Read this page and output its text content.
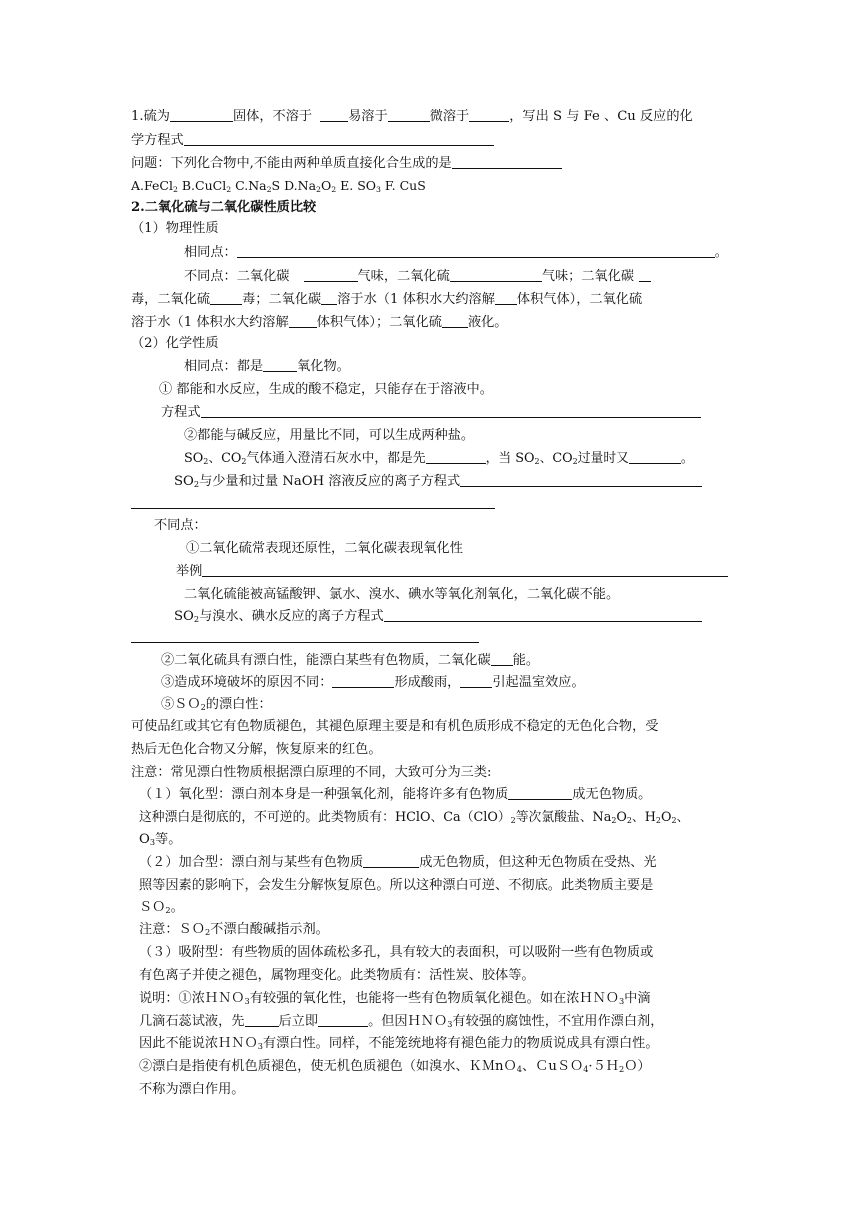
1.硫为	固体，不溶于	易溶于	微溶于	，写出 S 与 Fe 、Cu 反应的化
学方程式
问题：下列化合物中,不能由两种单质直接化合生成的是
A.FeCl$_2$ B.CuCl$_2$ $C.Na_2S$ $D.Na_2O_2$ E. $SO_3$ F. CuS
2.二氧化硫与二氧化碳性质比较
（1）物理性质
相同点：	。
不同点：二氧化碳	气味，二氧化硫	气味；二氧化碳
毒，二氧化硫 毒；二氧化碳 溶于水（1 体积水大约溶解 体积气体），二氧化硫
溶于水（1 体积水大约溶解 体积气体）；二氧化硫 液化。
（2）化学性质
相同点：都是	氧化物。
① 都能和水反应，生成的酸不稳定，只能存在于溶液中。
方程式
②都能与碱反应，用量比不同，可以生成两种盐。
$SO_2$、$CO_2$气体通入澄清石灰水中，都是先	，当 $SO_2$、$CO_2$过量时又	。
$SO_2$与少量和过量 NaOH 溶液反应的离子方程式
不同点：
①二氧化硫常表现还原性，二氧化碳表现氧化性
举例
二氧化硫能被高锰酸钾、氯水、溴水、碘水等氧化剂氧化，二氧化碳不能。
$SO_2$与溴水、碘水反应的离子方程式
②二氧化硫具有漂白性，能漂白某些有色物质，二氧化碳 能。
③造成环境破坏的原因不同：	形成酸雨， 引起温室效应。
⑤ＳＯ$_2$的漂白性：
可使品红或其它有色物质褪色，其褪色原理主要是和有机色质形成不稳定的无色化合物，受
热后无色化合物又分解，恢复原来的红色。
注意：常见漂白性物质根据漂白原理的不同，大致可分为三类:
（１）氧化型：漂白剂本身是一种强氧化剂，能将许多有色物质	成无色物质。
这种漂白是彻底的，不可逆的。此类物质有：HClO、$Ca(ClO)_2$等次氯酸盐、$Na_2O_2$、$H_2O_2$、
$O_3$等。
（２）加合型：漂白剂与某些有色物质	成无色物质，但这种无色物质在受热、光
照等因素的影响下，会发生分解恢复原色。所以这种漂白可逆、不彻底。此类物质主要是
ＳＯ$_2$。
注意：ＳＯ$_2$不漂白酸碱指示剂。
（３）吸附型：有些物质的固体疏松多孔，具有较大的表面积，可以吸附一些有色物质或
有色离子并使之褪色，属物理变化。此类物质有：活性炭、胶体等。
说明：①浓ＨＮＯ$_3$有较强的氧化性，也能将一些有色物质氧化褪色。如在浓ＨＮＯ$_3$中滴
几滴石蕊试液，先	后立即	。但因ＨＮＯ$_3$有较强的腐蚀性，不宜用作漂白剂，
因此不能说浓ＨＮＯ$_3$有漂白性。同样，不能笼统地将有褪色能力的物质说成具有漂白性。
②漂白是指使有机色质褪色，使无机色质褪色（如溴水、ＫＭnＯ$_4$、ＣuＳＯ$_4$·５Ｈ$_2$Ｏ）
不称为漂白作用。
